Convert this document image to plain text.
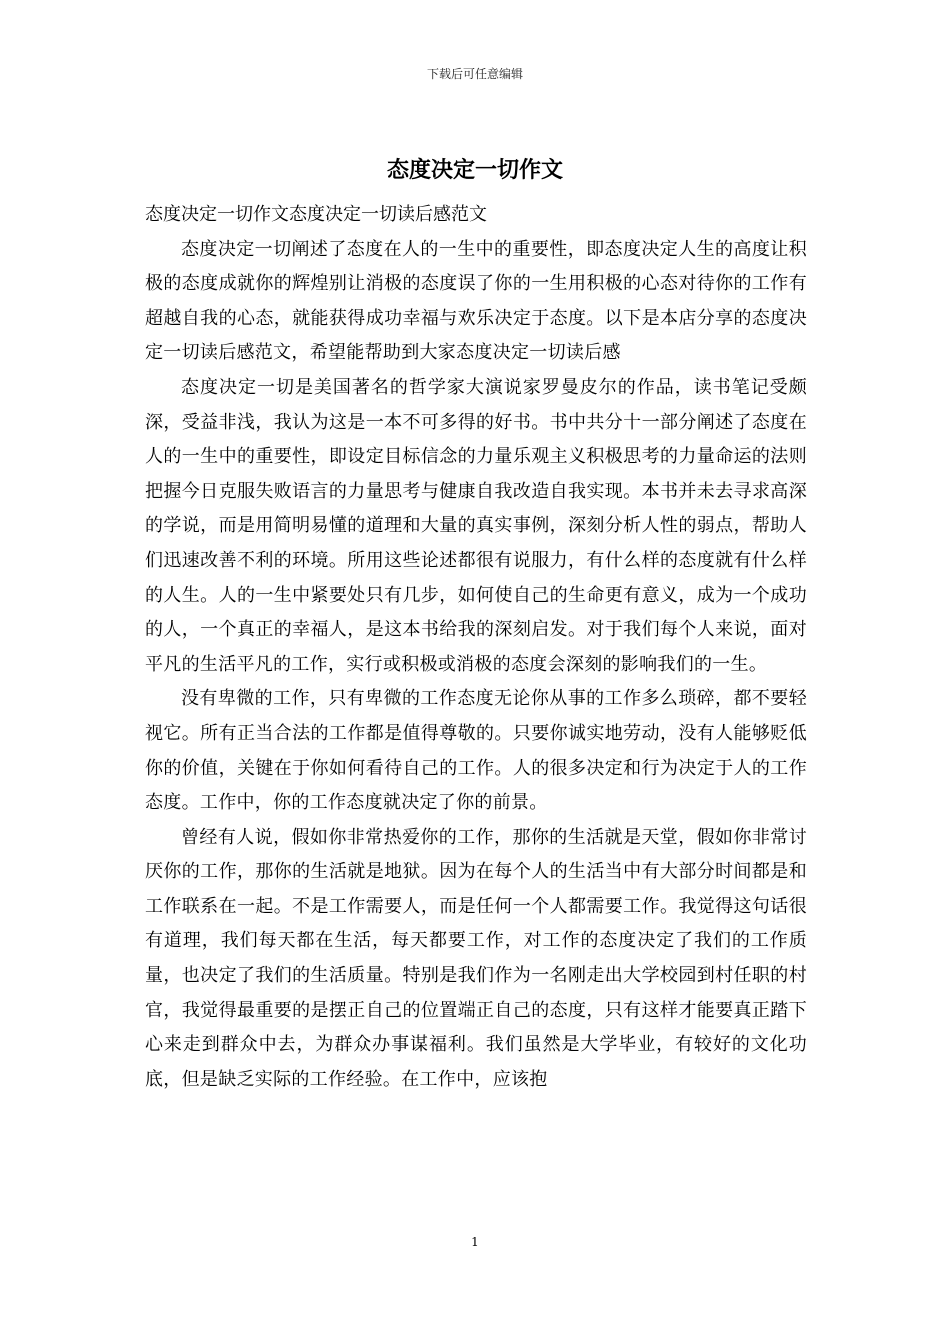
下载后可任意编辑
态度决定一切作文

态度决定一切作文态度决定一切读后感范文

态度决定一切阐述了态度在人的一生中的重要性，即态度决定人生的高度让积极的态度成就你的辉煌别让消极的态度误了你的一生用积极的心态对待你的工作有超越自我的心态，就能获得成功幸福与欢乐决定于态度。以下是本店分享的态度决定一切读后感范文，希望能帮助到大家态度决定一切读后感

态度决定一切是美国著名的哲学家大演说家罗曼皮尔的作品，读书笔记受颇深，受益非浅，我认为这是一本不可多得的好书。书中共分十一部分阐述了态度在人的一生中的重要性，即设定目标信念的力量乐观主义积极思考的力量命运的法则把握今日克服失败语言的力量思考与健康自我改造自我实现。本书并未去寻求高深的学说，而是用简明易懂的道理和大量的真实事例，深刻分析人性的弱点，帮助人们迅速改善不利的环境。所用这些论述都很有说服力，有什么样的态度就有什么样的人生。人的一生中紧要处只有几步，如何使自己的生命更有意义，成为一个成功的人，一个真正的幸福人，是这本书给我的深刻启发。对于我们每个人来说，面对平凡的生活平凡的工作，实行或积极或消极的态度会深刻的影响我们的一生。

没有卑微的工作，只有卑微的工作态度无论你从事的工作多么琐碎，都不要轻视它。所有正当合法的工作都是值得尊敬的。只要你诚实地劳动，没有人能够贬低你的价值，关键在于你如何看待自己的工作。人的很多决定和行为决定于人的工作态度。工作中，你的工作态度就决定了你的前景。

曾经有人说，假如你非常热爱你的工作，那你的生活就是天堂，假如你非常讨厌你的工作，那你的生活就是地狱。因为在每个人的生活当中有大部分时间都是和工作联系在一起。不是工作需要人，而是任何一个人都需要工作。我觉得这句话很有道理，我们每天都在生活，每天都要工作，对工作的态度决定了我们的工作质量，也决定了我们的生活质量。特别是我们作为一名刚走出大学校园到村任职的村官，我觉得最重要的是摆正自己的位置端正自己的态度，只有这样才能要真正踏下心来走到群众中去，为群众办事谋福利。我们虽然是大学毕业，有较好的文化功底，但是缺乏实际的工作经验。在工作中，应该抱

1
